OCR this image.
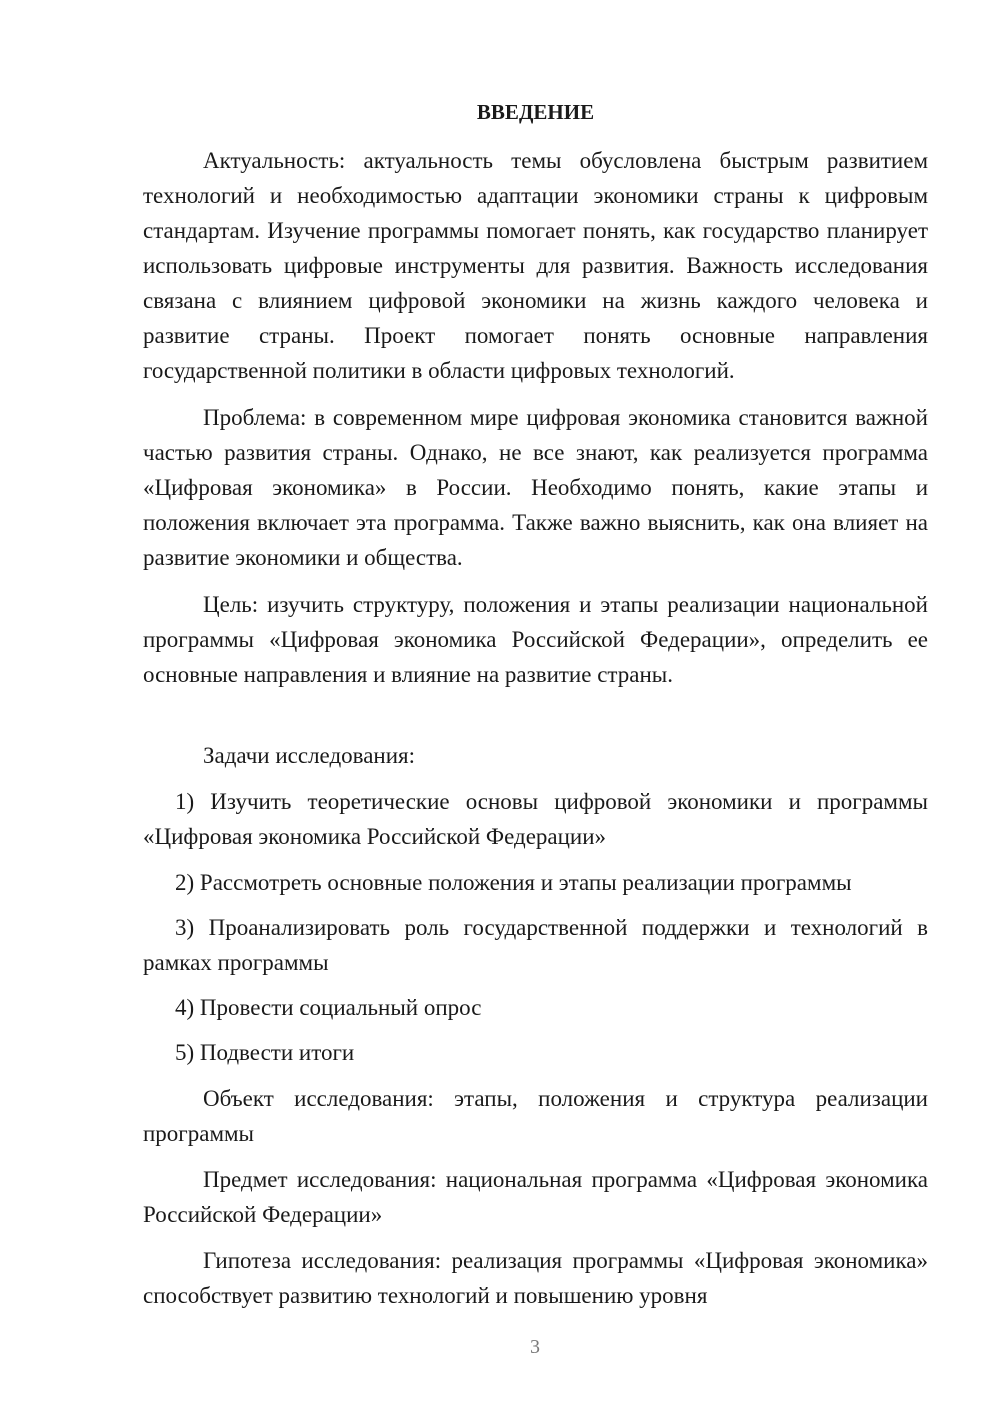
ВВЕДЕНИЕ

Актуальность: актуальность темы обусловлена быстрым развитием технологий и необходимостью адаптации экономики страны к цифровым стандартам. Изучение программы помогает понять, как государство планирует использовать цифровые инструменты для развития. Важность исследования связана с влиянием цифровой экономики на жизнь каждого человека и развитие страны. Проект помогает понять основные направления государственной политики в области цифровых технологий.

Проблема: в современном мире цифровая экономика становится важной частью развития страны. Однако, не все знают, как реализуется программа «Цифровая экономика» в России. Необходимо понять, какие этапы и положения включает эта программа. Также важно выяснить, как она влияет на развитие экономики и общества.

Цель: изучить структуру, положения и этапы реализации национальной программы «Цифровая экономика Российской Федерации», определить ее основные направления и влияние на развитие страны.

Задачи исследования:

1) Изучить теоретические основы цифровой экономики и программы «Цифровая экономика Российской Федерации»

2) Рассмотреть основные положения и этапы реализации программы

3) Проанализировать роль государственной поддержки и технологий в рамках программы

4) Провести социальный опрос

5) Подвести итоги

Объект исследования: этапы, положения и структура реализации программы

Предмет исследования: национальная программа «Цифровая экономика Российской Федерации»

Гипотеза исследования: реализация программы «Цифровая экономика» способствует развитию технологий и повышению уровня

3
